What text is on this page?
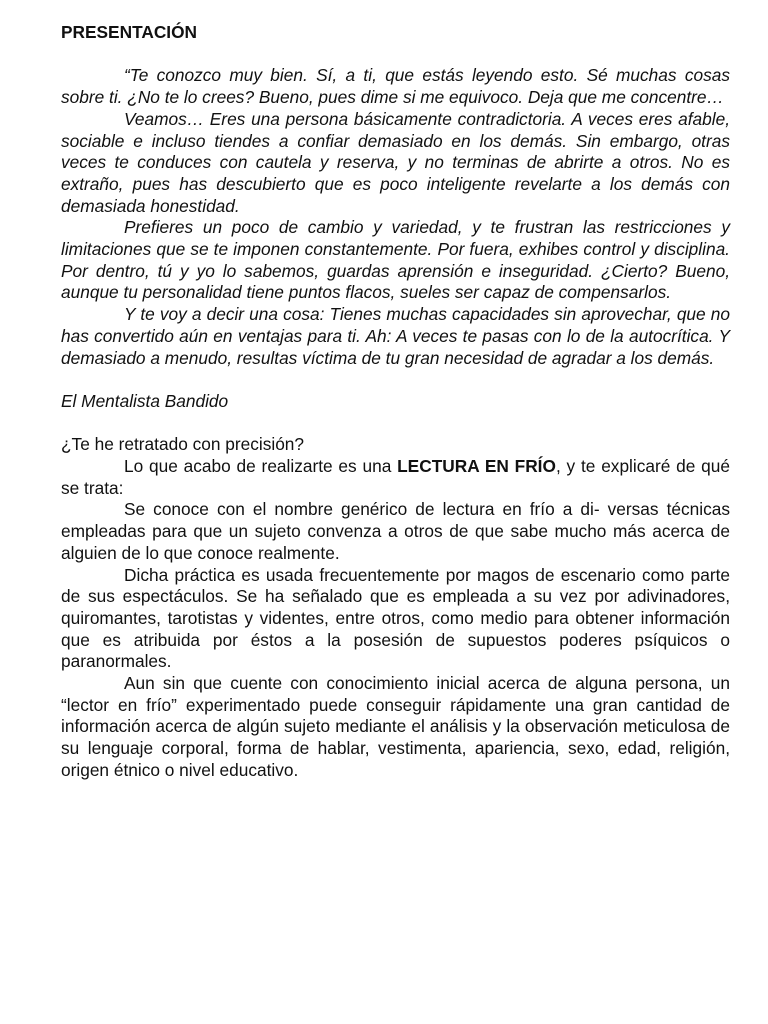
PRESENTACIÓN

“Te conozco muy bien. Sí, a ti, que estás leyendo esto. Sé muchas cosas sobre ti. ¿No te lo crees? Bueno, pues dime si me equivoco. Deja que me concentre…

Veamos… Eres una persona básicamente contradictoria. A veces eres afable, sociable e incluso tiendes a confiar demasiado en los demás. Sin embargo, otras veces te conduces con cautela y reserva, y no terminas de abrirte a otros. No es extraño, pues has descubierto que es poco inteligente revelarte a los demás con demasiada honestidad.

Prefieres un poco de cambio y variedad, y te frustran las restricciones y limitaciones que se te imponen constantemente. Por fuera, exhibes control y disciplina. Por dentro, tú y yo lo sabemos, guardas aprensión e inseguridad. ¿Cierto? Bueno, aunque tu personalidad tiene puntos flacos, sueles ser capaz de compensarlos.

Y te voy a decir una cosa: Tienes muchas capacidades sin aprovechar, que no has convertido aún en ventajas para ti. Ah: A veces te pasas con lo de la autocrítica. Y demasiado a menudo, resultas víctima de tu gran necesidad de agradar a los demás.

El Mentalista Bandido

¿Te he retratado con precisión?

Lo que acabo de realizarte es una LECTURA EN FRÍO, y te explicaré de qué se trata:

Se conoce con el nombre genérico de lectura en frío a di- versas técnicas empleadas para que un sujeto convenza a otros de que sabe mucho más acerca de alguien de lo que conoce realmente.

Dicha práctica es usada frecuentemente por magos de escenario como parte de sus espectáculos. Se ha señalado que es empleada a su vez por adivinadores, quiromantes, tarotistas y videntes, entre otros, como medio para obtener información que es atribuida por éstos a la posesión de supuestos poderes psíquicos o paranormales.

Aun sin que cuente con conocimiento inicial acerca de alguna persona, un “lector en frío” experimentado puede conseguir rápidamente una gran cantidad de información acerca de algún sujeto mediante el análisis y la observación meticulosa de su lenguaje corporal, forma de hablar, vestimenta, apariencia, sexo, edad, religión, origen étnico o nivel educativo.
